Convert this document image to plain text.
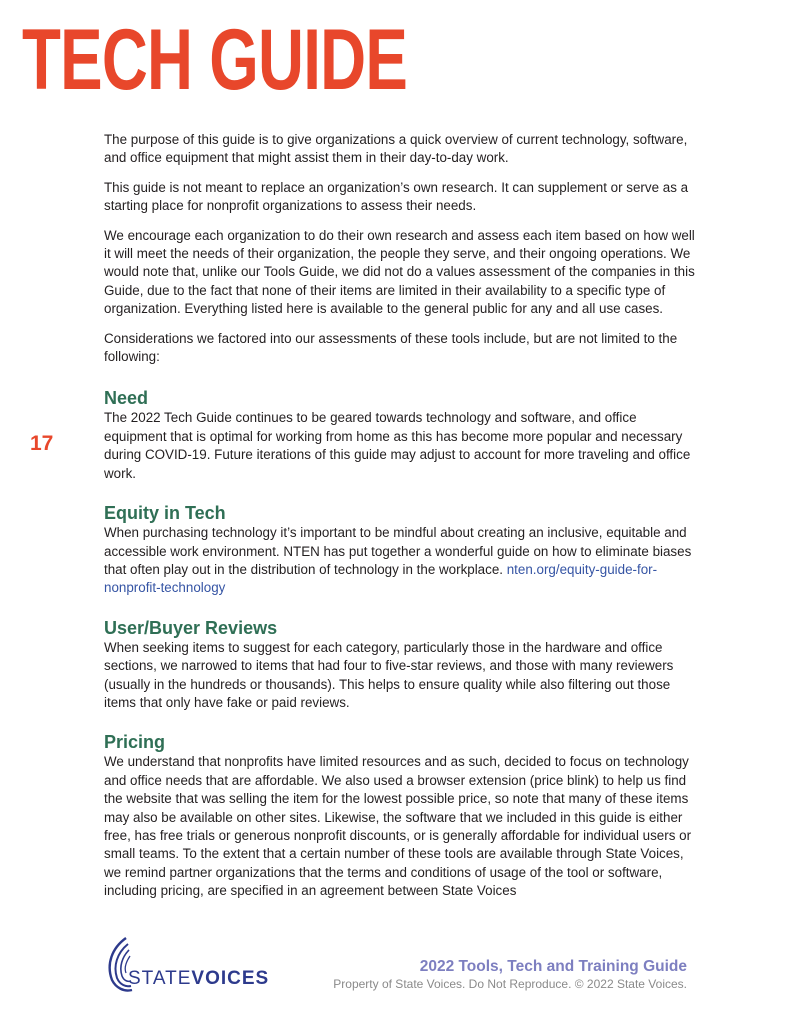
TECH GUIDE
17

The purpose of this guide is to give organizations a quick overview of current technology, software, and office equipment that might assist them in their day-to-day work.

This guide is not meant to replace an organization’s own research. It can supplement or serve as a starting place for nonprofit organizations to assess their needs.

We encourage each organization to do their own research and assess each item based on how well it will meet the needs of their organization, the people they serve, and their ongoing operations. We would note that, unlike our Tools Guide, we did not do a values assessment of the companies in this Guide, due to the fact that none of their items are limited in their availability to a specific type of organization. Everything listed here is available to the general public for any and all use cases.

Considerations we factored into our assessments of these tools include, but are not limited to the following:

Need

The 2022 Tech Guide continues to be geared towards technology and software, and office equipment that is optimal for working from home as this has become more popular and necessary during COVID-19. Future iterations of this guide may adjust to account for more traveling and office work.

Equity in Tech

When purchasing technology it’s important to be mindful about creating an inclusive, equitable and accessible work environment. NTEN has put together a wonderful guide on how to eliminate biases that often play out in the distribution of technology in the workplace. nten.org/equity-guide-for-nonprofit-technology

User/Buyer Reviews

When seeking items to suggest for each category, particularly those in the hardware and office sections, we narrowed to items that had four to five-star reviews, and those with many reviewers (usually in the hundreds or thousands). This helps to ensure quality while also filtering out those items that only have fake or paid reviews.

Pricing

We understand that nonprofits have limited resources and as such, decided to focus on technology and office needs that are affordable. We also used a browser extension (price blink) to help us find the website that was selling the item for the lowest possible price, so note that many of these items may also be available on other sites. Likewise, the software that we included in this guide is either free, has free trials or generous nonprofit discounts, or is generally affordable for individual users or small teams. To the extent that a certain number of these tools are available through State Voices, we remind partner organizations that the terms and conditions of usage of the tool or software, including pricing, are specified in an agreement between State Voices

STATEVOICES
2022 Tools, Tech and Training Guide
Property of State Voices. Do Not Reproduce. © 2022 State Voices.
